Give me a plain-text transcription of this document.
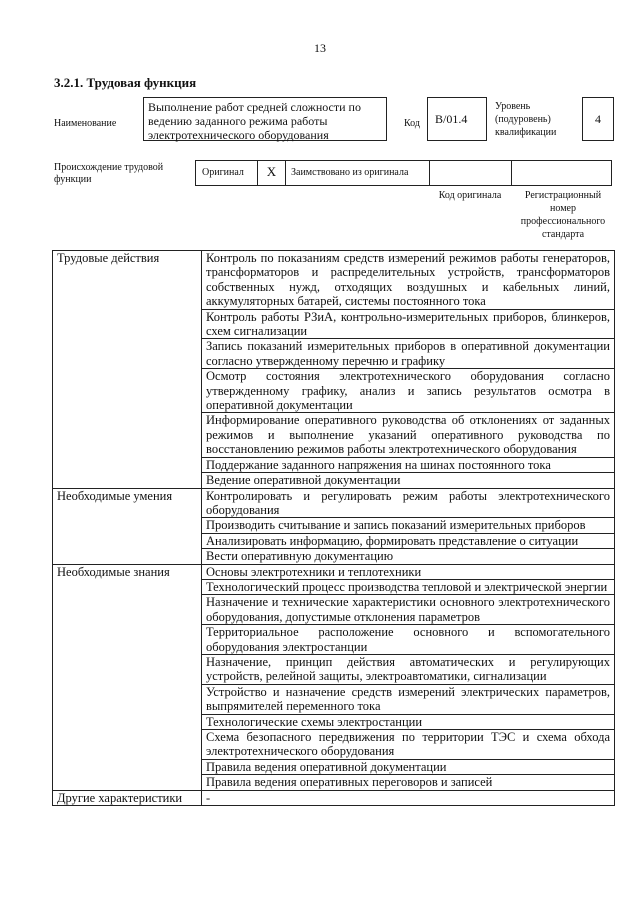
13
3.2.1. Трудовая функция
Наименование
Выполнение работ средней сложности по ведению заданного режима работы электротехнического оборудования
Код	B/01.4
Уровень (подуровень) квалификации
4
Происхождение трудовой функции
Оригинал	X	Заимствовано из оригинала
Код оригинала	Регистрационный номер профессионального стандарта
Трудовые действия	Контроль по показаниям средств измерений режимов работы генераторов, трансформаторов и распределительных устройств, трансформаторов собственных нужд, отходящих воздушных и кабельных линий, аккумуляторных батарей, системы постоянного тока
	Контроль работы РЗиА, контрольно-измерительных приборов, блинкеров, схем сигнализации
	Запись показаний измерительных приборов в оперативной документации согласно утвержденному перечню и графику
	Осмотр состояния электротехнического оборудования согласно утвержденному графику, анализ и запись результатов осмотра в оперативной документации
	Информирование оперативного руководства об отклонениях от заданных режимов и выполнение указаний оперативного руководства по восстановлению режимов работы электротехнического оборудования
	Поддержание заданного напряжения на шинах постоянного тока
	Ведение оперативной документации
Необходимые умения	Контролировать и регулировать режим работы электротехнического оборудования
	Производить считывание и запись показаний измерительных приборов
	Анализировать информацию, формировать представление о ситуации
	Вести оперативную документацию
Необходимые знания	Основы электротехники и теплотехники
	Технологический процесс производства тепловой и электрической энергии
	Назначение и технические характеристики основного электротехнического оборудования, допустимые отклонения параметров
	Территориальное расположение основного и вспомогательного оборудования электростанции
	Назначение, принцип действия автоматических и регулирующих устройств, релейной защиты, электроавтоматики, сигнализации
	Устройство и назначение средств измерений электрических параметров, выпрямителей переменного тока
	Технологические схемы электростанции
	Схема безопасного передвижения по территории ТЭС и схема обхода электротехнического оборудования
	Правила ведения оперативной документации
	Правила ведения оперативных переговоров и записей
Другие характеристики	-
